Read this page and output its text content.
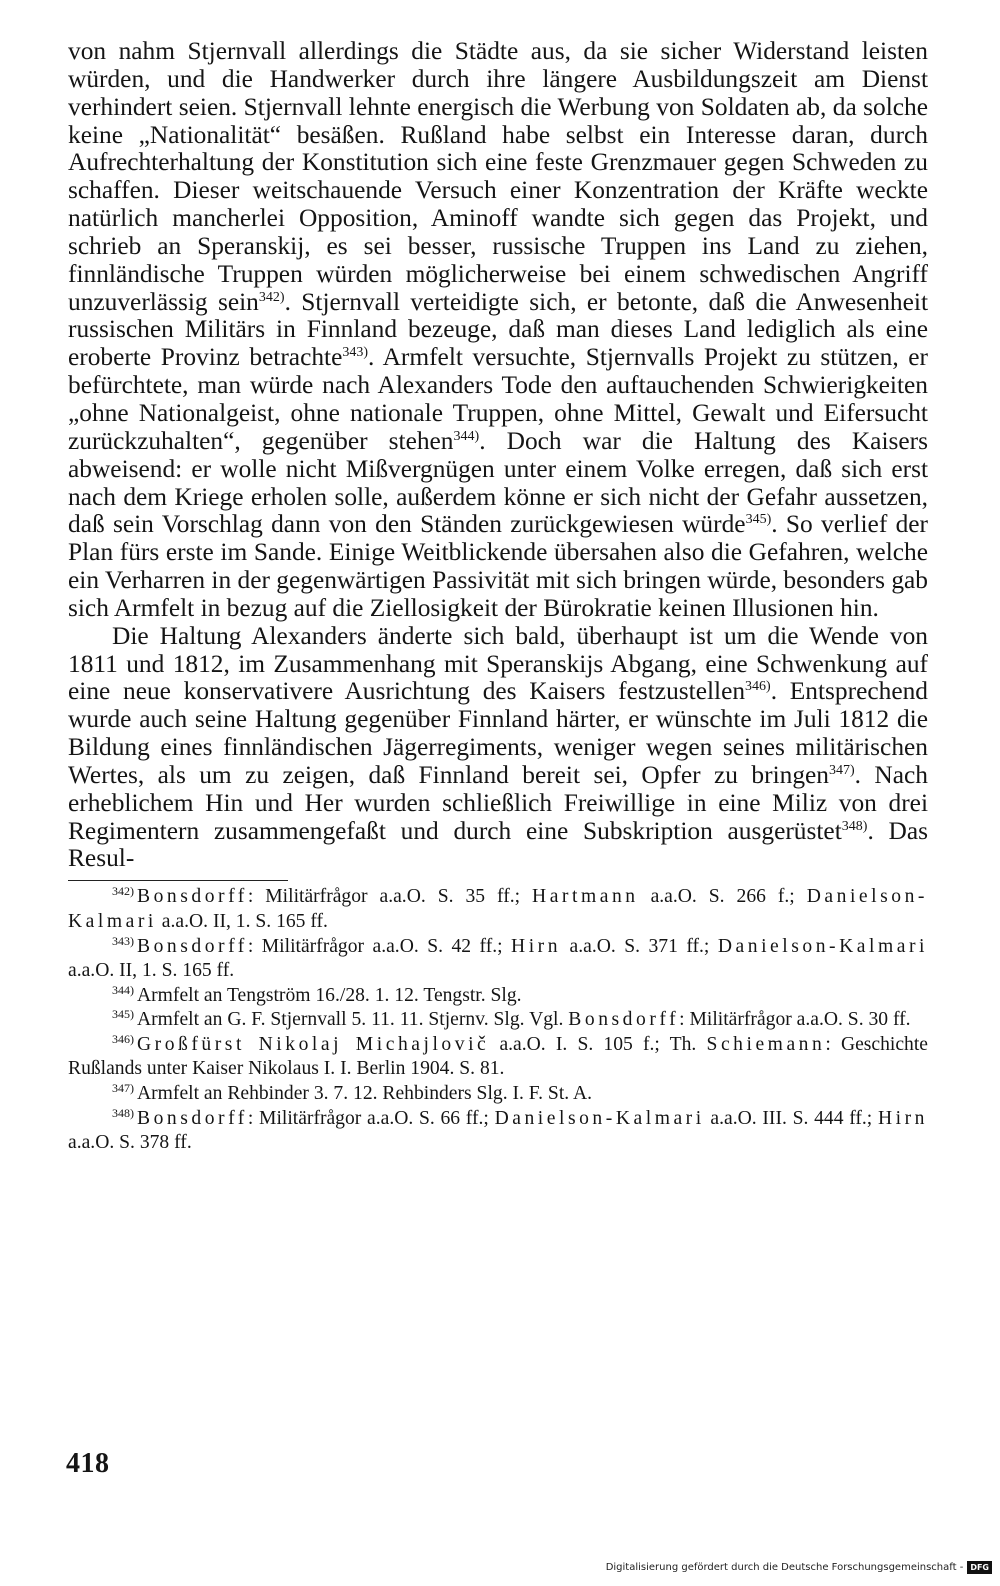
von nahm Stjernvall allerdings die Städte aus, da sie sicher Widerstand leisten würden, und die Handwerker durch ihre längere Ausbildungszeit am Dienst verhindert seien. Stjernvall lehnte energisch die Werbung von Soldaten ab, da solche keine „Nationalität“ besäßen. Rußland habe selbst ein Interesse daran, durch Aufrechterhaltung der Konstitution sich eine feste Grenzmauer gegen Schweden zu schaffen. Dieser weitschauende Versuch einer Konzentration der Kräfte weckte natürlich mancherlei Opposition, Aminoff wandte sich gegen das Projekt, und schrieb an Speranskij, es sei besser, russische Truppen ins Land zu ziehen, finnländische Truppen würden möglicherweise bei einem schwedischen Angriff unzuverlässig sein$^{342)}$. Stjernvall verteidigte sich, er betonte, daß die Anwesenheit russischen Militärs in Finnland bezeuge, daß man dieses Land lediglich als eine eroberte Provinz betrachte$^{343)}$. Armfelt versuchte, Stjernvalls Projekt zu stützen, er befürchtete, man würde nach Alexanders Tode den auftauchenden Schwierigkeiten „ohne Nationalgeist, ohne nationale Truppen, ohne Mittel, Gewalt und Eifersucht zurückzuhalten“, gegenüber stehen$^{344)}$. Doch war die Haltung des Kaisers abweisend: er wolle nicht Mißvergnügen unter einem Volke erregen, daß sich erst nach dem Kriege erholen solle, außerdem könne er sich nicht der Gefahr aussetzen, daß sein Vorschlag dann von den Ständen zurückgewiesen würde$^{345)}$. So verlief der Plan fürs erste im Sande. Einige Weitblickende übersahen also die Gefahren, welche ein Verharren in der gegenwärtigen Passivität mit sich bringen würde, besonders gab sich Armfelt in bezug auf die Ziellosigkeit der Bürokratie keinen Illusionen hin.

Die Haltung Alexanders änderte sich bald, überhaupt ist um die Wende von 1811 und 1812, im Zusammenhang mit Speranskijs Abgang, eine Schwenkung auf eine neue konservativere Ausrichtung des Kaisers festzustellen$^{346)}$. Entsprechend wurde auch seine Haltung gegenüber Finnland härter, er wünschte im Juli 1812 die Bildung eines finnländischen Jägerregiments, weniger wegen seines militärischen Wertes, als um zu zeigen, daß Finnland bereit sei, Opfer zu bringen$^{347)}$. Nach erheblichem Hin und Her wurden schließlich Freiwillige in eine Miliz von drei Regimentern zusammengefaßt und durch eine Subskription ausgerüstet$^{348)}$. Das Resul-

$^{342)}$ Bonsdorff: Militärfrågor a.a.O. S. 35 ff.; Hartmann a.a.O. S. 266 f.; Danielson-Kalmari a.a.O. II, 1. S. 165 ff.

$^{343)}$ Bonsdorff: Militärfrågor a.a.O. S. 42 ff.; Hirn a.a.O. S. 371 ff.; Danielson-Kalmari a.a.O. II, 1. S. 165 ff.

$^{344)}$ Armfelt an Tengström 16./28. 1. 12. Tengstr. Slg.

$^{345)}$ Armfelt an G. F. Stjernvall 5. 11. 11. Stjernv. Slg. Vgl. Bonsdorff: Militärfrågor a.a.O. S. 30 ff.

$^{346)}$ Großfürst Nikolaj Michajlovič a.a.O. I. S. 105 f.; Th. Schiemann: Geschichte Rußlands unter Kaiser Nikolaus I. I. Berlin 1904. S. 81.

$^{347)}$ Armfelt an Rehbinder 3. 7. 12. Rehbinders Slg. I. F. St. A.

$^{348)}$ Bonsdorff: Militärfrågor a.a.O. S. 66 ff.; Danielson-Kalmari a.a.O. III. S. 444 ff.; Hirn a.a.O. S. 378 ff.

418
Digitalisierung gefördert durch die Deutsche Forschungsgemeinschaft - DFG
